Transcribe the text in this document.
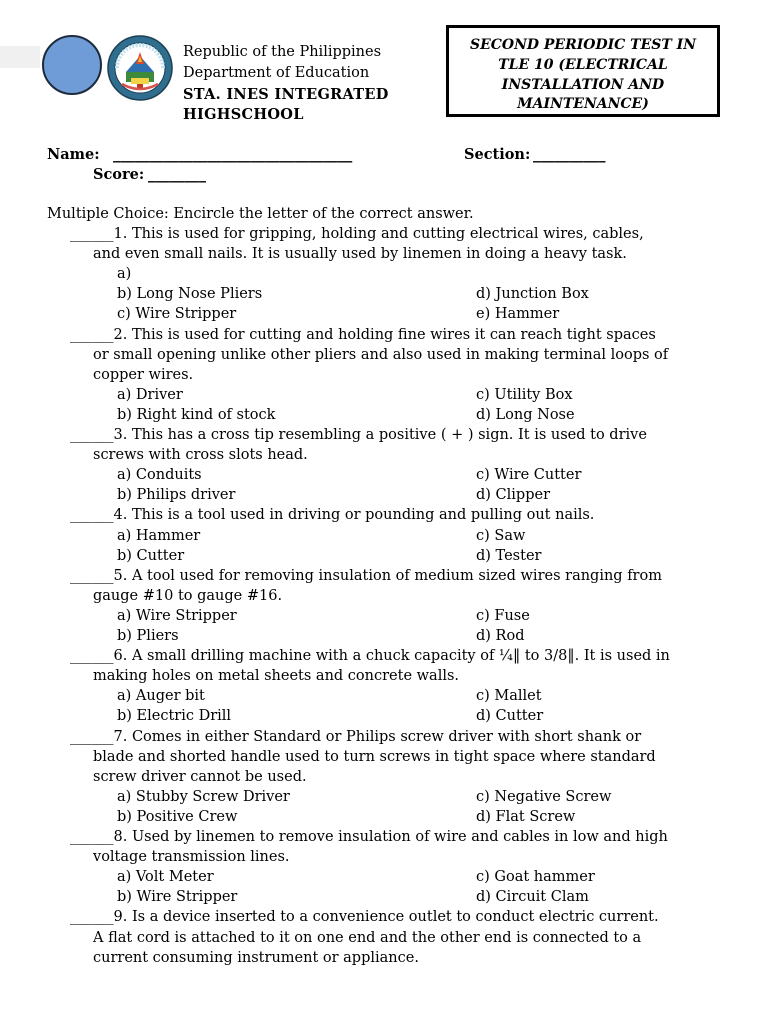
Republic of the Philippines
Department of Education
STA. INES INTEGRATED
HIGHSCHOOL
SECOND PERIODIC TEST IN
TLE 10 (ELECTRICAL
INSTALLATION AND
MAINTENANCE)
Name: _________________________________	Section: __________
Score: ________
Multiple Choice: Encircle the letter of the correct answer.
______1. This is used for gripping, holding and cutting electrical wires, cables,
and even small nails. It is usually used by linemen in doing a heavy task.
a)
b) Long Nose Pliers	d) Junction Box
c) Wire Stripper	e) Hammer
______2. This is used for cutting and holding fine wires it can reach tight spaces
or small opening unlike other pliers and also used in making terminal loops of
copper wires.
a) Driver	c) Utility Box
b) Right kind of stock	d) Long Nose
______3. This has a cross tip resembling a positive ( + ) sign. It is used to drive
screws with cross slots head.
a) Conduits	c) Wire Cutter
b) Philips driver	d) Clipper
______4. This is a tool used in driving or pounding and pulling out nails.
a) Hammer	c) Saw
b) Cutter	d) Tester
______5. A tool used for removing insulation of medium sized wires ranging from
gauge #10 to gauge #16.
a) Wire Stripper	c) Fuse
b) Pliers	d) Rod
______6. A small drilling machine with a chuck capacity of ¼‖ to 3/8‖. It is used in
making holes on metal sheets and concrete walls.
a) Auger bit	c) Mallet
b) Electric Drill	d) Cutter
______7. Comes in either Standard or Philips screw driver with short shank or
blade and shorted handle used to turn screws in tight space where standard
screw driver cannot be used.
a) Stubby Screw Driver	c) Negative Screw
b) Positive Crew	d) Flat Screw
______8. Used by linemen to remove insulation of wire and cables in low and high
voltage transmission lines.
a) Volt Meter	c) Goat hammer
b) Wire Stripper	d) Circuit Clam
______9. Is a device inserted to a convenience outlet to conduct electric current.
A flat cord is attached to it on one end and the other end is connected to a
current consuming instrument or appliance.
